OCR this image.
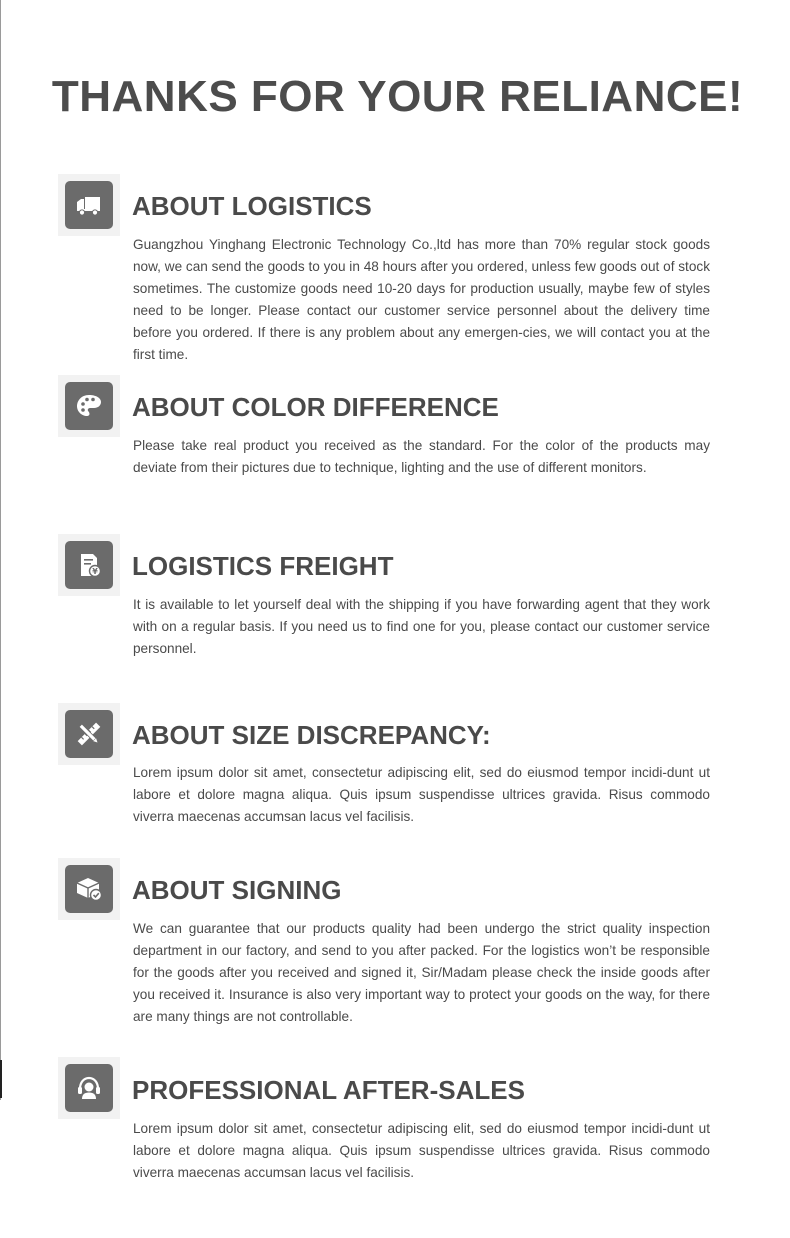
THANKS FOR YOUR RELIANCE!
ABOUT LOGISTICS

Guangzhou Yinghang Electronic Technology Co.,ltd has more than 70% regular stock goods now, we can send the goods to you in 48 hours after you ordered, unless few goods out of stock sometimes. The customize goods need 10-20 days for production usually, maybe few of styles need to be longer. Please contact our customer service personnel about the delivery time before you ordered. If there is any problem about any emergen-cies, we will contact you at the first time.

ABOUT COLOR DIFFERENCE

Please take real product you received as the standard. For the color of the products may deviate from their pictures due to technique, lighting and the use of different monitors.

¥ LOGISTICS FREIGHT

It is available to let yourself deal with the shipping if you have forwarding agent that they work with on a regular basis. If you need us to find one for you, please contact our customer service personnel.

ABOUT SIZE DISCREPANCY:

Lorem ipsum dolor sit amet, consectetur adipiscing elit, sed do eiusmod tempor incidi-dunt ut labore et dolore magna aliqua. Quis ipsum suspendisse ultrices gravida. Risus commodo viverra maecenas accumsan lacus vel facilisis.

ABOUT SIGNING

We can guarantee that our products quality had been undergo the strict quality inspection department in our factory, and send to you after packed. For the logistics won’t be responsible for the goods after you received and signed it, Sir/Madam please check the inside goods after you received it. Insurance is also very important way to protect your goods on the way, for there are many things are not controllable.

PROFESSIONAL AFTER-SALES

Lorem ipsum dolor sit amet, consectetur adipiscing elit, sed do eiusmod tempor incidi-dunt ut labore et dolore magna aliqua. Quis ipsum suspendisse ultrices gravida. Risus commodo viverra maecenas accumsan lacus vel facilisis.
